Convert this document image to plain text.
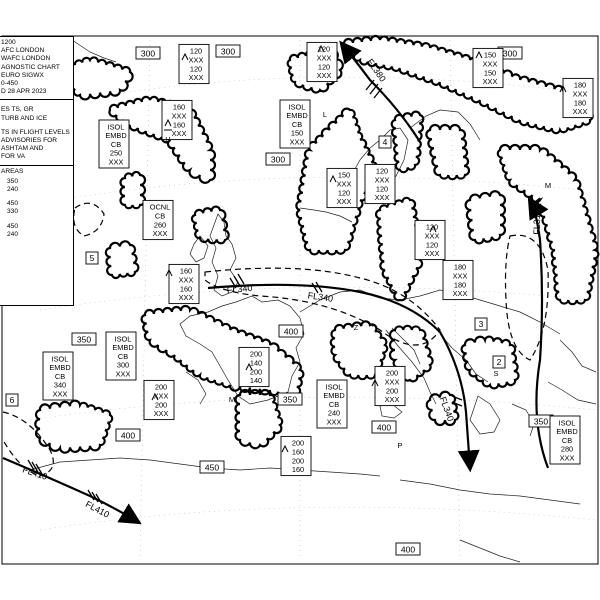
300	300
300
350
400
400
400
450
350
300
350
400
120
XXX
120
XXX
120
XXX
120
XXX
150
XXX
150
XXX	180
XXX
180
XXX
160
XXX
160
XXX
ISOL
EMBD
CB
250
XXX
ISOL
EMBD
CB
150
XXX
150
XXX
120
XXX
120
XXX
120
XXX
OCNL
CB
260
XXX
120
XXX
120
XXX
180
XXX
180
XXX
160
XXX
160
XXX
ISOL
EMBD
CB
300
XXX
200
140
200
140
ISOL
EMBD
CB
340
XXX
200
XXX
200
XXX
ISOL
EMBD
CB
240
XXX
200
XXX
200
XXX
200
160
200
160
ISOL
EMBD
CB
280
XXX
FL340
FL340
FL310
FL410
FL410
FL340
FL380
2
3
4
5
6
H
L
M
Z
P
M
S
1200
AFC LONDON
WAFC LONDON
AGNOSTIC CHART
EURO SIGWX
0-450
D 28 APR 2023
ES TS, GR
TURB AND ICE
TS IN FLIGHT LEVELS
ADVISORIES FOR
ASHTAM AND
FOR VA
AREAS
350
240
450
330
450
240
